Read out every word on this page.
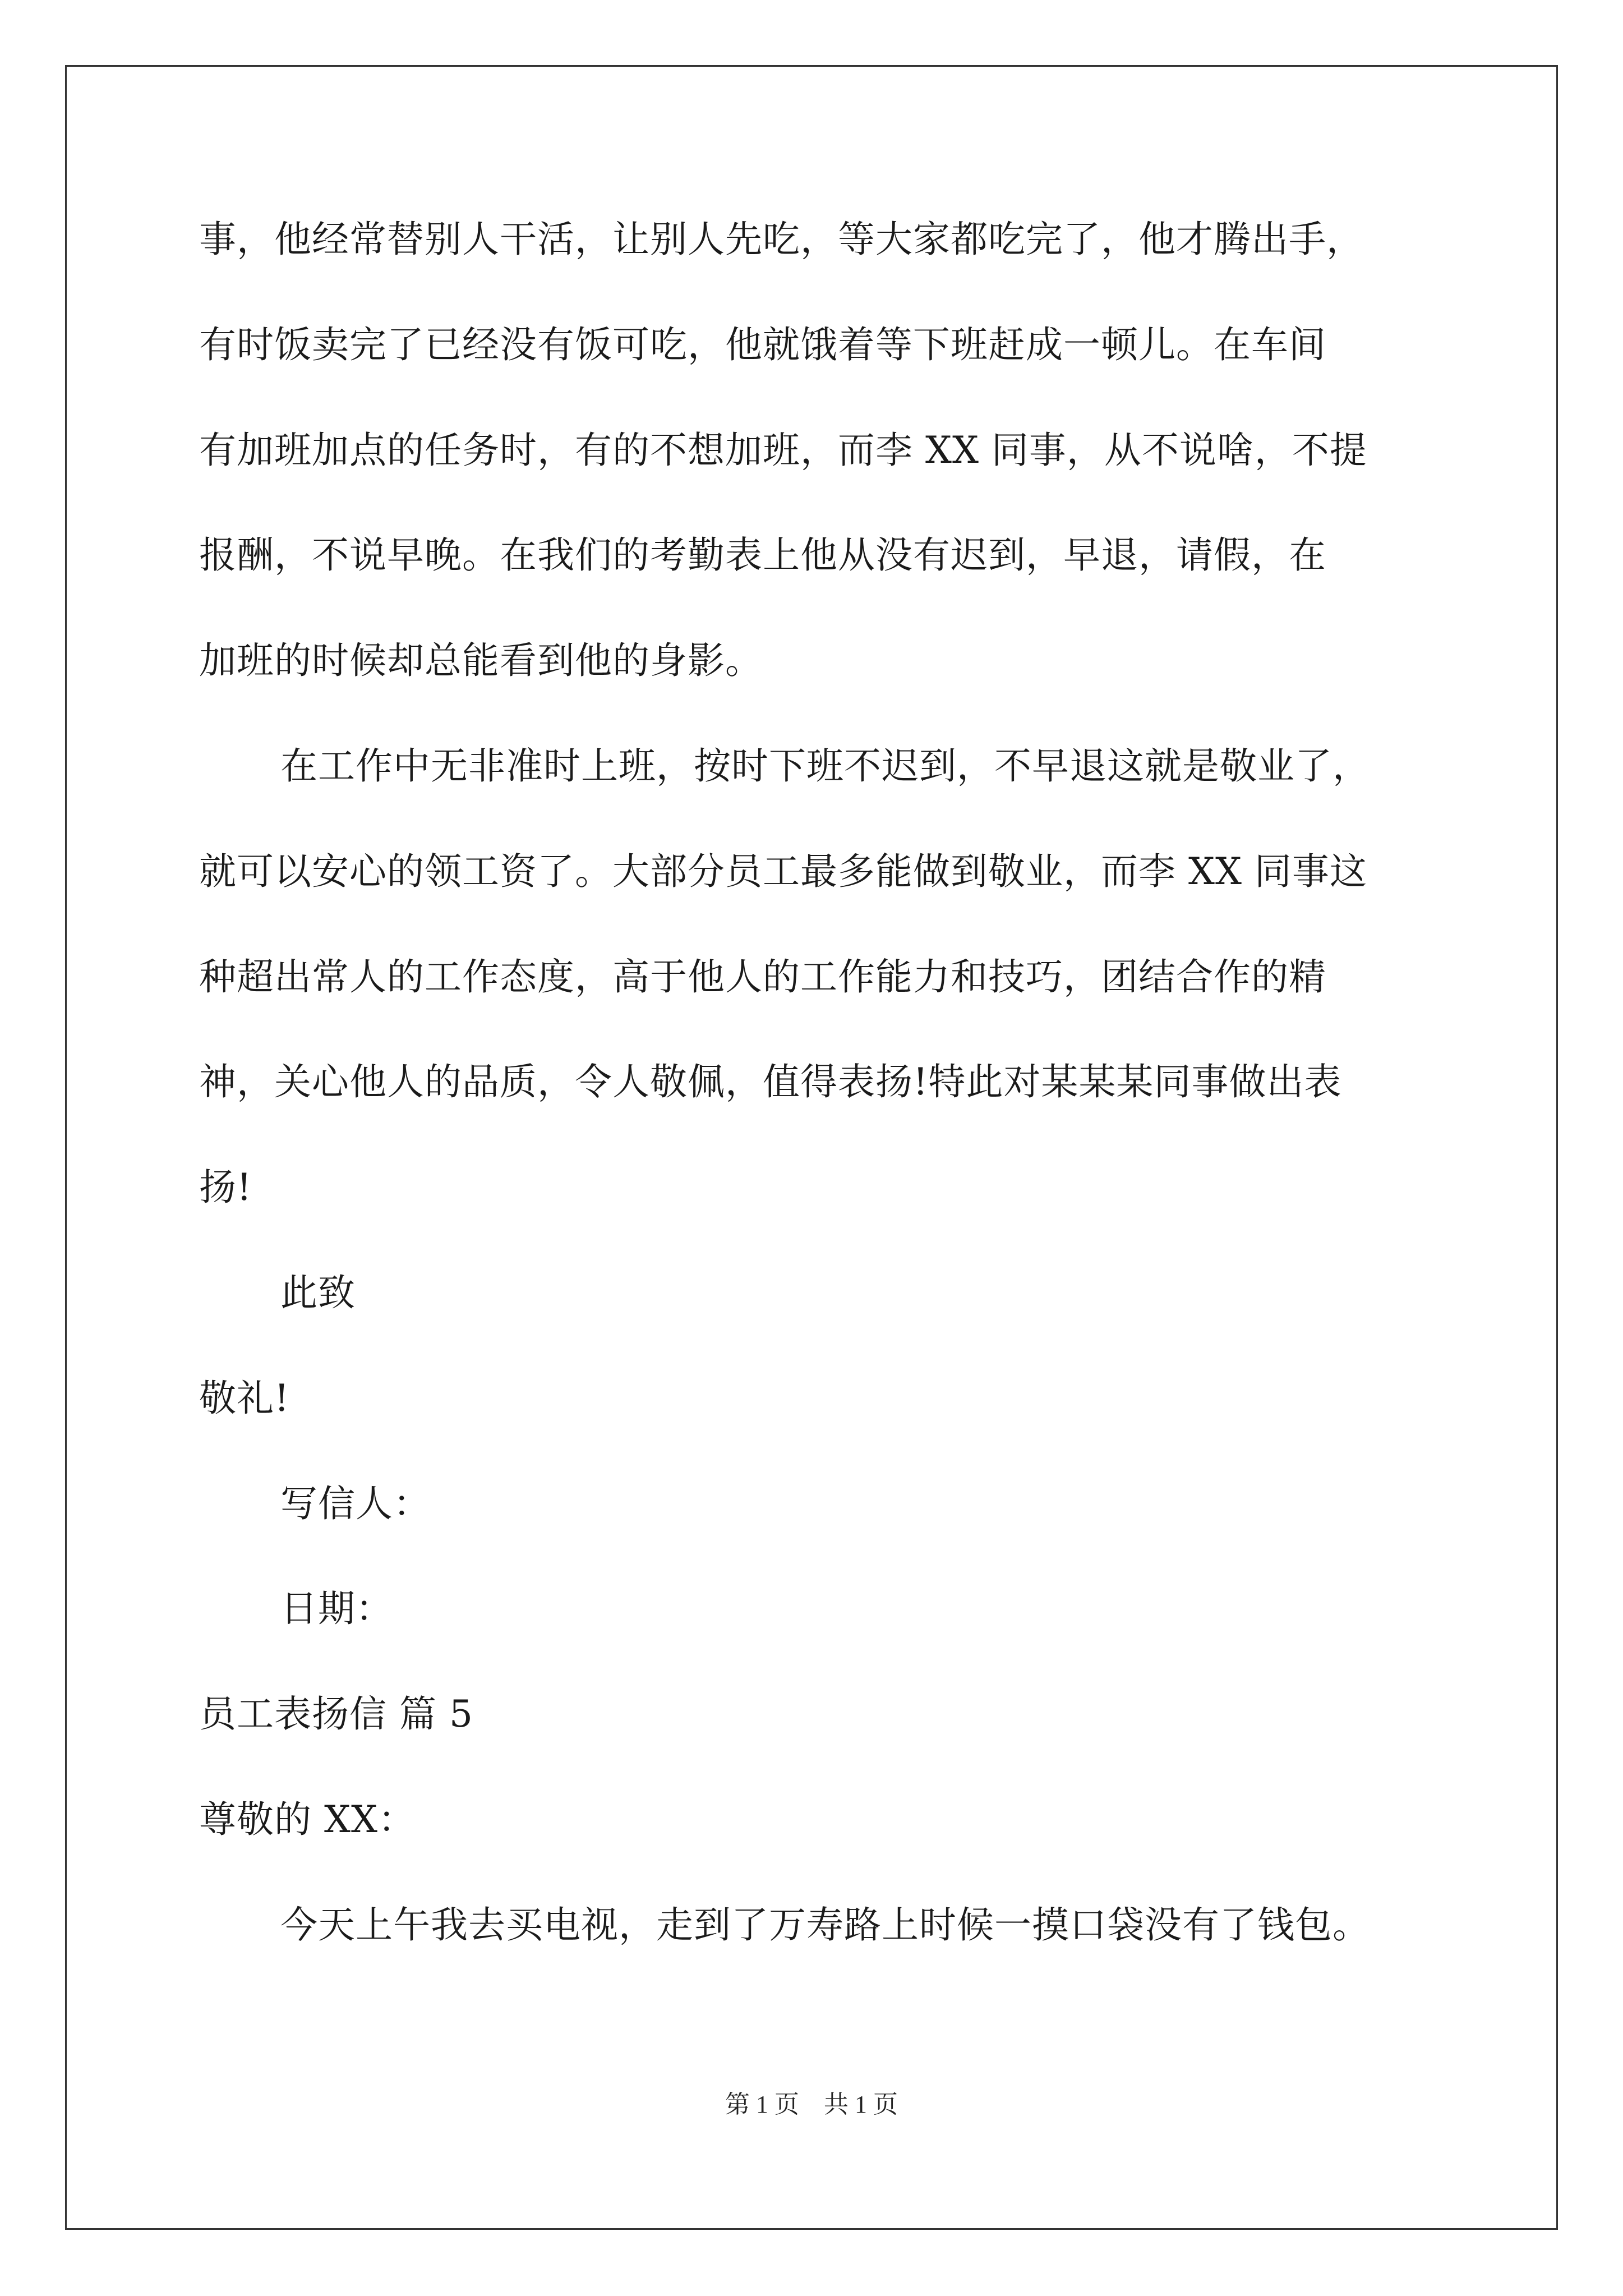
事，他经常替别人干活，让别人先吃，等大家都吃完了，他才腾出手，
有时饭卖完了已经没有饭可吃，他就饿着等下班赶成一顿儿。在车间
有加班加点的任务时，有的不想加班，而李 XX 同事，从不说啥，不提
报酬，不说早晚。在我们的考勤表上他从没有迟到，早退，请假，在
加班的时候却总能看到他的身影。
在工作中无非准时上班，按时下班不迟到，不早退这就是敬业了，
就可以安心的领工资了。大部分员工最多能做到敬业，而李 XX 同事这
种超出常人的工作态度，高于他人的工作能力和技巧，团结合作的精
神，关心他人的品质，令人敬佩，值得表扬!特此对某某某同事做出表
扬!
此致
敬礼!
写信人：
日期：
员工表扬信 篇 5
尊敬的 XX：
今天上午我去买电视，走到了万寿路上时候一摸口袋没有了钱包。
第 1 页　共 1 页
